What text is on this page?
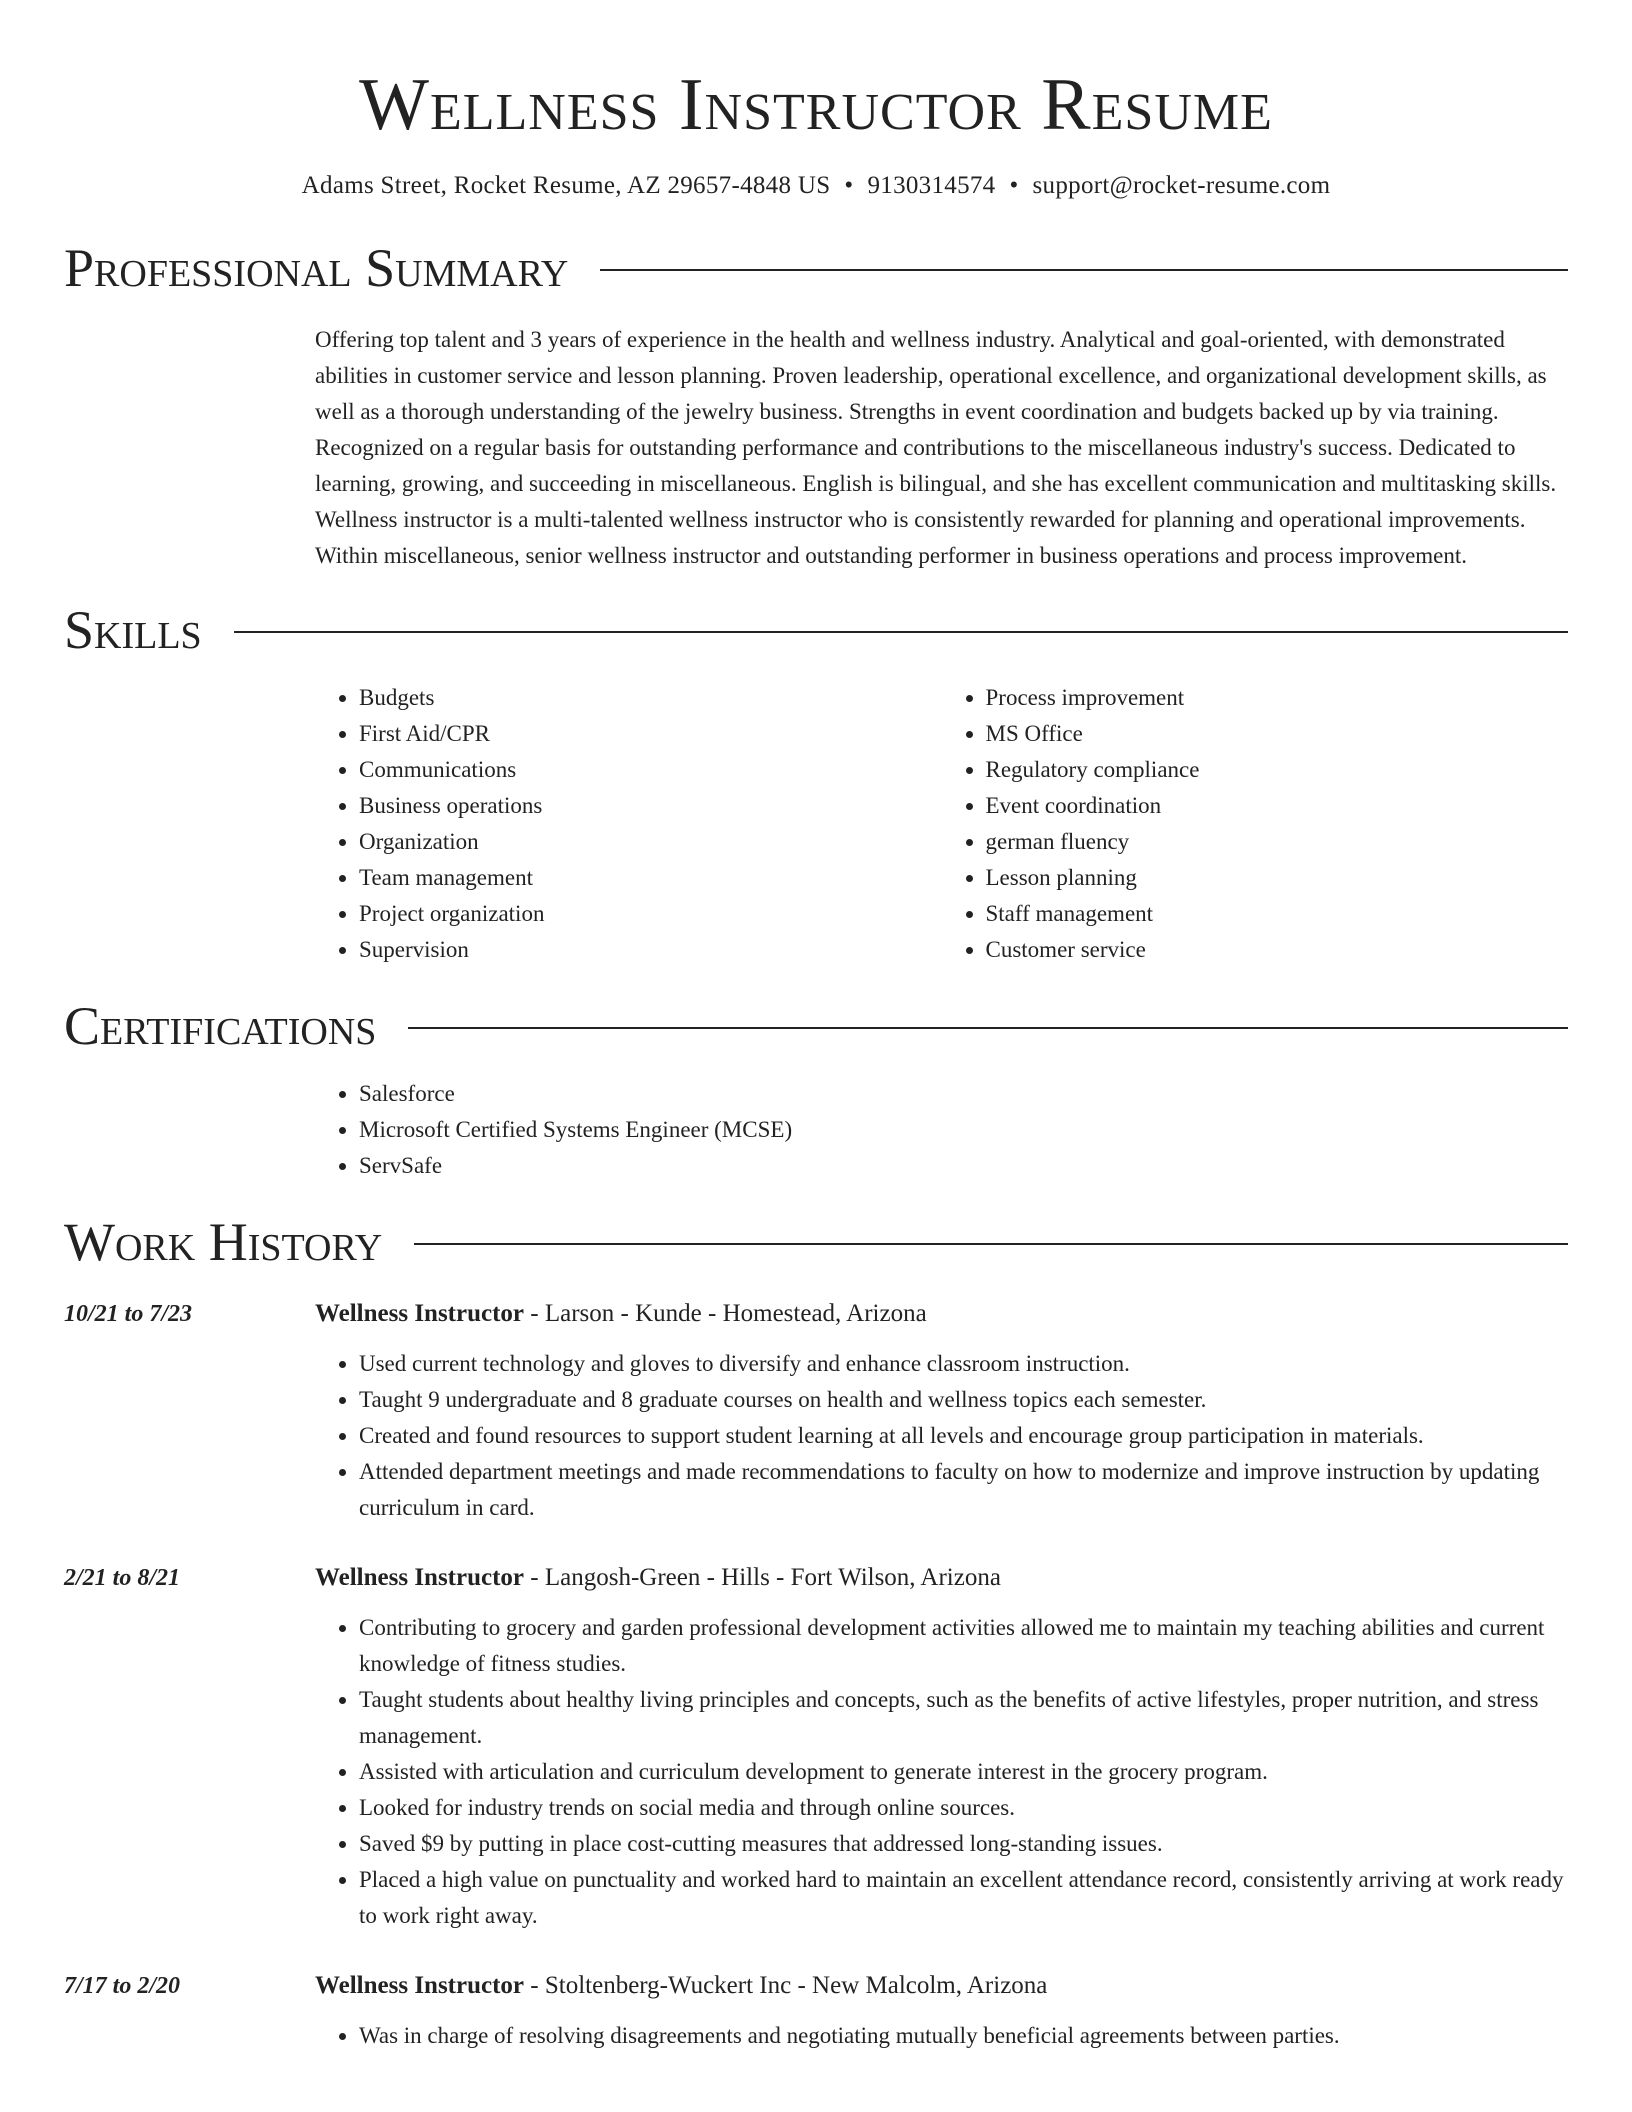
Wellness Instructor Resume
Adams Street, Rocket Resume, AZ 29657-4848 US • 9130314574 • support@rocket-resume.com
Professional Summary

Offering top talent and 3 years of experience in the health and wellness industry. Analytical and goal-oriented, with demonstrated abilities in customer service and lesson planning. Proven leadership, operational excellence, and organizational development skills, as well as a thorough understanding of the jewelry business. Strengths in event coordination and budgets backed up by via training. Recognized on a regular basis for outstanding performance and contributions to the miscellaneous industry's success. Dedicated to learning, growing, and succeeding in miscellaneous. English is bilingual, and she has excellent communication and multitasking skills. Wellness instructor is a multi-talented wellness instructor who is consistently rewarded for planning and operational improvements. Within miscellaneous, senior wellness instructor and outstanding performer in business operations and process improvement.

Skills
• Budgets
• First Aid/CPR
• Communications
• Business operations
• Organization
• Team management
• Project organization
• Supervision
• Process improvement
• MS Office
• Regulatory compliance
• Event coordination
• german fluency
• Lesson planning
• Staff management
• Customer service
Certifications
• Salesforce
• Microsoft Certified Systems Engineer (MCSE)
• ServSafe
Work History
10/21 to 7/23	Wellness Instructor - Larson - Kunde - Homestead, Arizona
• Used current technology and gloves to diversify and enhance classroom instruction.
• Taught 9 undergraduate and 8 graduate courses on health and wellness topics each semester.
• Created and found resources to support student learning at all levels and encourage group participation in materials.
• Attended department meetings and made recommendations to faculty on how to modernize and improve instruction by updating curriculum in card.
2/21 to 8/21	Wellness Instructor - Langosh-Green - Hills - Fort Wilson, Arizona
• Contributing to grocery and garden professional development activities allowed me to maintain my teaching abilities and current knowledge of fitness studies.
• Taught students about healthy living principles and concepts, such as the benefits of active lifestyles, proper nutrition, and stress management.
• Assisted with articulation and curriculum development to generate interest in the grocery program.
• Looked for industry trends on social media and through online sources.
• Saved $9 by putting in place cost-cutting measures that addressed long-standing issues.
• Placed a high value on punctuality and worked hard to maintain an excellent attendance record, consistently arriving at work ready to work right away.
7/17 to 2/20	Wellness Instructor - Stoltenberg-Wuckert Inc - New Malcolm, Arizona
• Was in charge of resolving disagreements and negotiating mutually beneficial agreements between parties.
